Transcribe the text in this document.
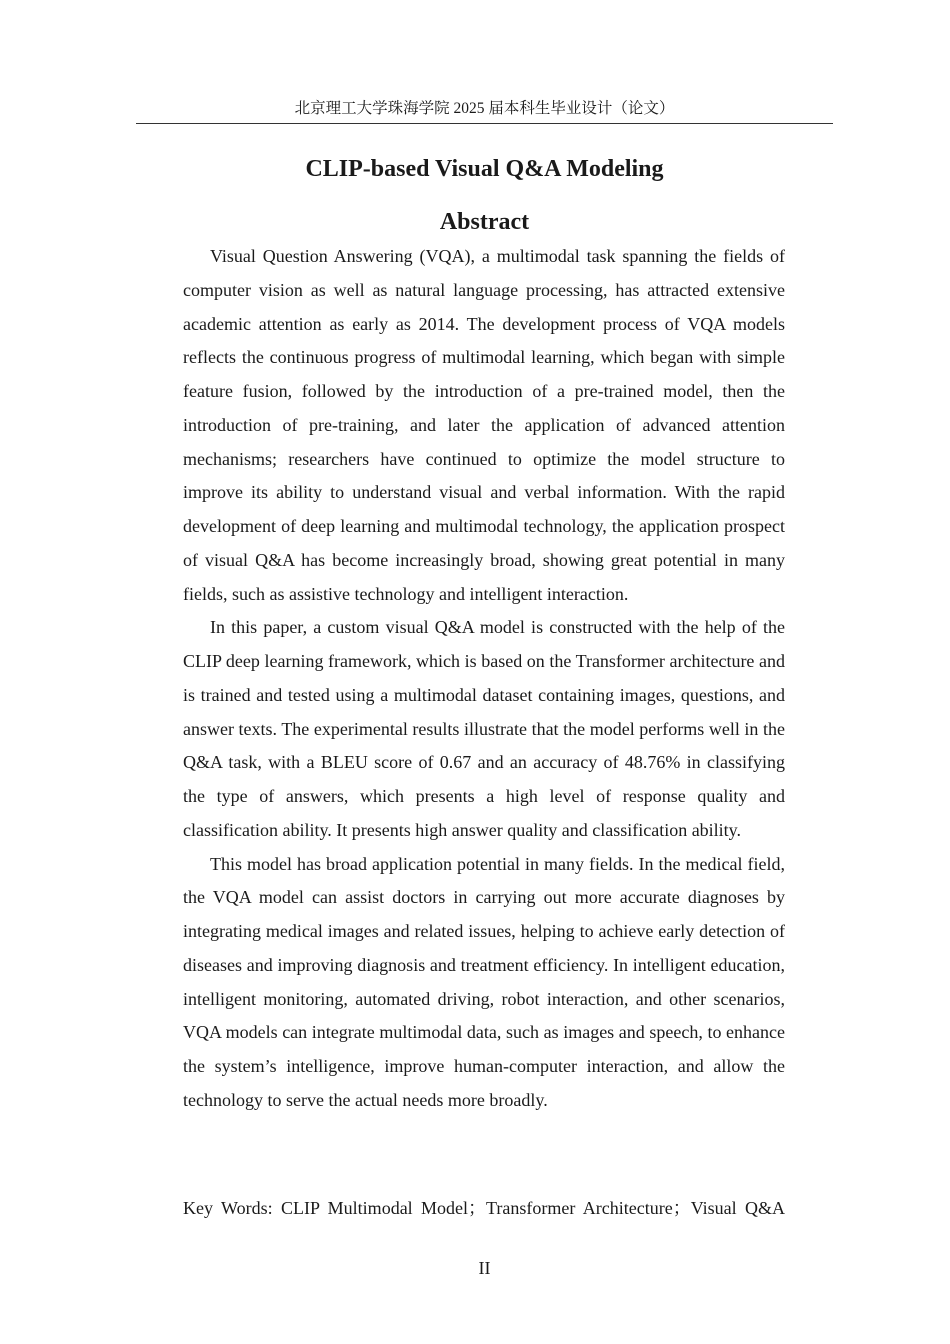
北京理工大学珠海学院 2025 届本科生毕业设计（论文）
CLIP-based Visual Q&A Modeling
Abstract

Visual Question Answering (VQA), a multimodal task spanning the fields of computer vision as well as natural language processing, has attracted extensive academic attention as early as 2014. The development process of VQA models reflects the continuous progress of multimodal learning, which began with simple feature fusion, followed by the introduction of a pre-trained model, then the introduction of pre-training, and later the application of advanced attention mechanisms; researchers have continued to optimize the model structure to improve its ability to understand visual and verbal information. With the rapid development of deep learning and multimodal technology, the application prospect of visual Q&A has become increasingly broad, showing great potential in many fields, such as assistive technology and intelligent interaction.

In this paper, a custom visual Q&A model is constructed with the help of the CLIP deep learning framework, which is based on the Transformer architecture and is trained and tested using a multimodal dataset containing images, questions, and answer texts. The experimental results illustrate that the model performs well in the Q&A task, with a BLEU score of 0.67 and an accuracy of 48.76% in classifying the type of answers, which presents a high level of response quality and classification ability. It presents high answer quality and classification ability.

This model has broad application potential in many fields. In the medical field, the VQA model can assist doctors in carrying out more accurate diagnoses by integrating medical images and related issues, helping to achieve early detection of diseases and improving diagnosis and treatment efficiency. In intelligent education, intelligent monitoring, automated driving, robot interaction, and other scenarios, VQA models can integrate multimodal data, such as images and speech, to enhance the system’s intelligence, improve human-computer interaction, and allow the technology to serve the actual needs more broadly.

Key Words: CLIP Multimodal Model；Transformer Architecture；Visual Q&A
II
